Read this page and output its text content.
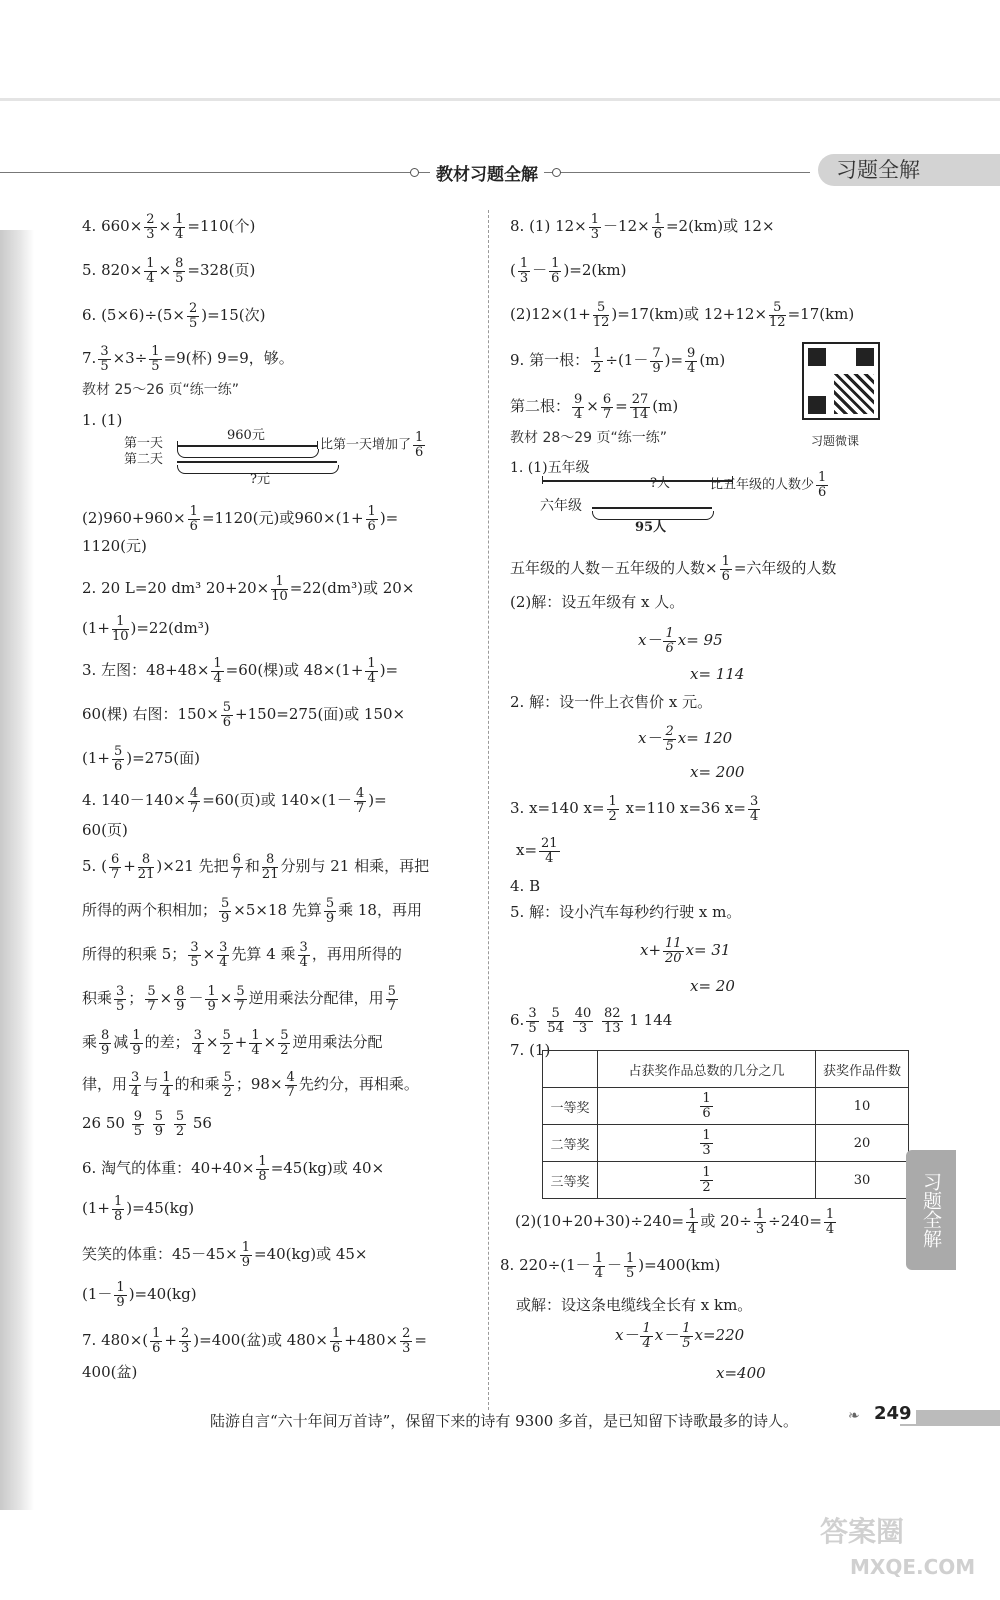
教材习题全解	习题全解
4. $660\times \frac{2}{3} \times \frac{1}{4} =110$(个)
5. $820\times \frac{1}{4} \times \frac{8}{5} =328$(页)
6. $(5\times 6)\div(5\times \frac{2}{5} )=15$(次)
7. $\frac{3}{5} \times 3\div \frac{1}{5} =9$(杯) 9=9，够。
教材 25～26 页“练一练”
1. (1)
第一天	比第一天增加了 $\frac{1}{6}$
960元
第二天
?元
$(2)960+960\times \frac{1}{6} =1120$(元)或$960\times(1+ \frac{1}{6}$ )=
1120(元)
2. 20 L=20 dm³ $20+20\times \frac{1}{10} =22(dm^3)$或 20×
$(1+ \frac{1}{10} )=22(dm^3)$
3. 左图：$48+48\times \frac{1}{4} =60$(棵)或 $48\times(1+ \frac{1}{4}$ )=
60(棵) 右图：$150\times \frac{5}{6} +150=275$(面)或 150×
$(1+ \frac{5}{6} )=275$(面)
4. $140-140\times \frac{4}{7} =60$(页)或 $140\times(1- \frac{4}{7}$ )=
60(页)
5. ( $\frac{6}{7} + \frac{8}{21} )\times 21$ 先把 $\frac{6}{7}$ 和 $\frac{8}{21}$ 分别与 21 相乘，再把
所得的两个积相加； $\frac{5}{9} \times 5\times 18$ 先算 $\frac{5}{9}$ 乘 18，再用
所得的积乘 5； $\frac{3}{5} \times \frac{3}{4}$ 先算 4 乘 $\frac{3}{4}$ ，再用所得的
积乘 $\frac{3}{5}$ ； $\frac{5}{7} \times \frac{8}{9} - \frac{1}{9} \times \frac{5}{7}$ 逆用乘法分配律，用 $\frac{5}{7}$
乘 $\frac{8}{9}$ 减 $\frac{1}{9}$ 的差； $\frac{3}{4} \times \frac{5}{2} + \frac{1}{4} \times \frac{5}{2}$ 逆用乘法分配
律，用 $\frac{3}{4}$ 与 $\frac{1}{4}$ 的和乘 $\frac{5}{2}$ ；$98\times \frac{4}{7}$ 先约分，再相乘。
26 $50 \frac{9}{5}$
$\frac{5}{9}$
$\frac{5}{2} 56$
6. 淘气的体重：$40+40\times \frac{1}{8} =45(kg)$或 40×
$(1+ \frac{1}{8} )=45(kg)$
笑笑的体重：$45-45\times \frac{1}{9} =40(kg)$或 45×
$(1- \frac{1}{9} )=40(kg)$
7. $480\times( \frac{1}{6} + \frac{2}{3} )=400$(盆)或 $480\times \frac{1}{6} +480\times \frac{2}{3}$ =
400(盆)
8. (1) $12\times \frac{1}{3} -12\times \frac{1}{6} =2(km)$或 12×
( $\frac{1}{3} - \frac{1}{6} )=2(km)$
$(2)12\times(1+ \frac{5}{12} )=17(km)$或 $12+12\times \frac{5}{12} =17(km)$
9. 第一根： $\frac{1}{2} \div(1- \frac{7}{9}$ )= $\frac{9}{4} (m)$
第二根： $\frac{9}{4} \times \frac{6}{7} = \frac{27}{14} (m)$
教材 28～29 页“练一练”
1. (1)五年级
?人	比五年级的人数少 $\frac{1}{6}$
六年级
95人
五年级的人数－五年级的人数× $\frac{1}{6}$ =六年级的人数
(2)解：设五年级有 x 人。
$x- \frac{1}{6} x= 95$
x= 114
2. 解：设一件上衣售价 x 元。
$x- \frac{2}{5} x= 120$
x= 200
3. x=140 $x= \frac{1}{2} x=110$ x=36 $x= \frac{3}{4}$
$x= \frac{21}{4}$
4. B
5. 解：设小汽车每秒约行驶 x m。
$x+ \frac{11}{20} x= 31$
x= 20
6. $\frac{3}{5}$
$\frac{5}{54}$
$\frac{40}{3}$
$\frac{82}{13} 1$ 144
7. (1)
	占获奖作品总数的几分之几	获奖作品件数
一等奖	$\frac{1}{6}$	10
二等奖	$\frac{1}{3}$	20
三等奖	$\frac{1}{2}$	30
$(2)(10+20+30)\div 240= \frac{1}{4}$ 或 $20\div \frac{1}{3} \div 240= \frac{1}{4}$
8. $220\div(1- \frac{1}{4} - \frac{1}{5} )=400(km)$
或解：设这条电缆线全长有 x km。
$x- \frac{1}{4} x- \frac{1}{5} x=220$
x=400
习题微课
习题全解
陆游自言“六十年间万首诗”，保留下来的诗有 9300 多首，是已知留下诗歌最多的诗人。	❧ 249
答案圈
MXQE.COM
